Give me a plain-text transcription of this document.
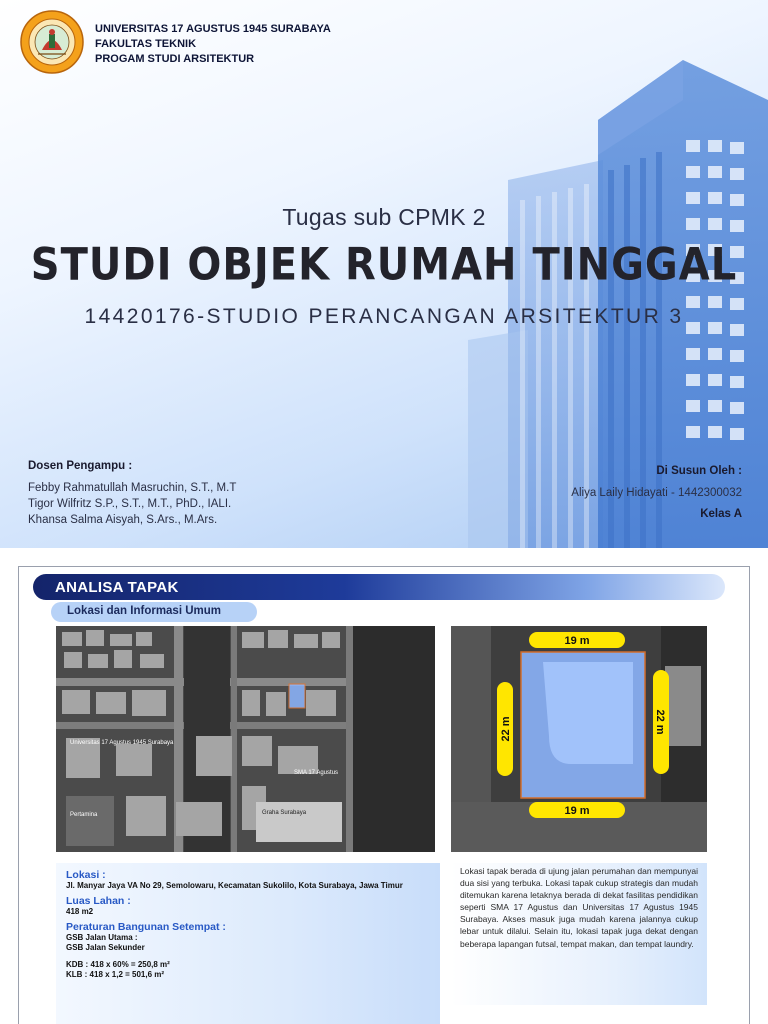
UNIVERSITAS 17 AGUSTUS 1945 SURABAYA
FAKULTAS TEKNIK
PROGAM STUDI ARSITEKTUR
Tugas sub CPMK 2
STUDI OBJEK RUMAH TINGGAL
14420176-STUDIO PERANCANGAN ARSITEKTUR 3
Dosen Pengampu :
Febby Rahmatullah Masruchin, S.T., M.T
Tigor Wilfritz S.P., S.T., M.T., PhD., IALI.
Khansa Salma Aisyah, S.Ars., M.Ars.
Di Susun Oleh :
Aliya Laily Hidayati - 1442300032
Kelas A
ANALISA TAPAK
Lokasi dan Informasi Umum
Universitas 17 Agustus 1945 Surabaya
SMA 17 Agustus
Pertamina	Graha Surabaya
19 m
19 m
22 m	22 m
Lokasi :
Jl. Manyar Jaya VA No 29, Semolowaru, Kecamatan Sukolilo, Kota Surabaya, Jawa Timur
Luas Lahan :
418 m2
Peraturan Bangunan Setempat :
GSB Jalan Utama :
GSB Jalan Sekunder
KDB : 418 x 60% = 250,8 m²
KLB : 418 x 1,2 = 501,6 m²

Lokasi tapak berada di ujung jalan perumahan dan mempunyai dua sisi yang terbuka. Lokasi tapak cukup strategis dan mudah ditemukan karena letaknya berada di dekat fasilitas pendidikan seperti SMA 17 Agustus dan Universitas 17 Agustus 1945 Surabaya. Akses masuk juga mudah karena jalannya cukup lebar untuk dilalui. Selain itu, lokasi tapak juga dekat dengan beberapa lapangan futsal, tempat makan, dan tempat laundry.
